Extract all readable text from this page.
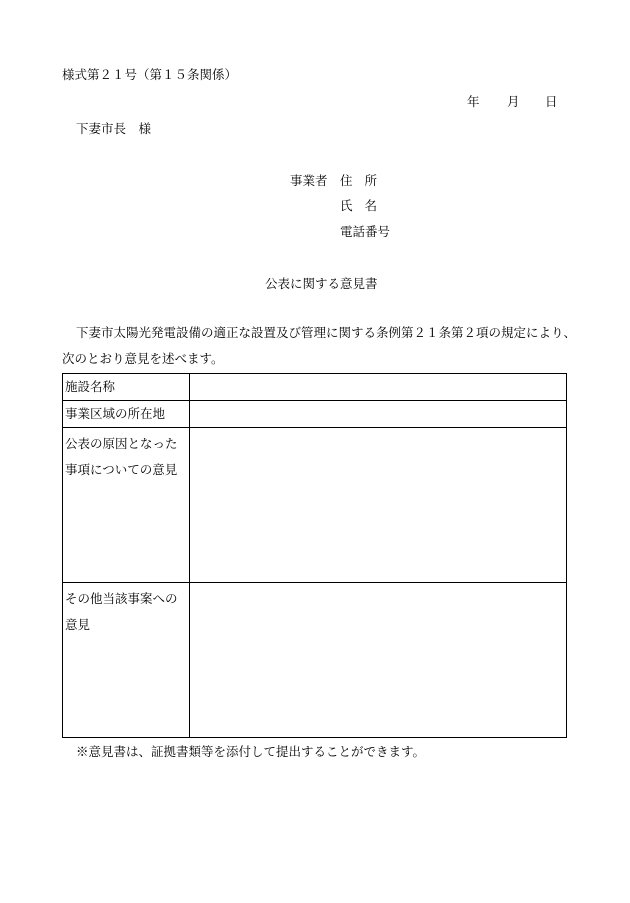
様式第２１号（第１５条関係）
年 月 日
下妻市長　様
事業者 住所
氏名
電話番号
公表に関する意見書
下妻市太陽光発電設備の適正な設置及び管理に関する条例第２１条第２項の規定により、
次のとおり意見を述べます。
施設名称	
事業区域の所在地	
公表の原因となった
事項についての意見	
その他当該事案への
意見	
※意見書は、証拠書類等を添付して提出することができます。
